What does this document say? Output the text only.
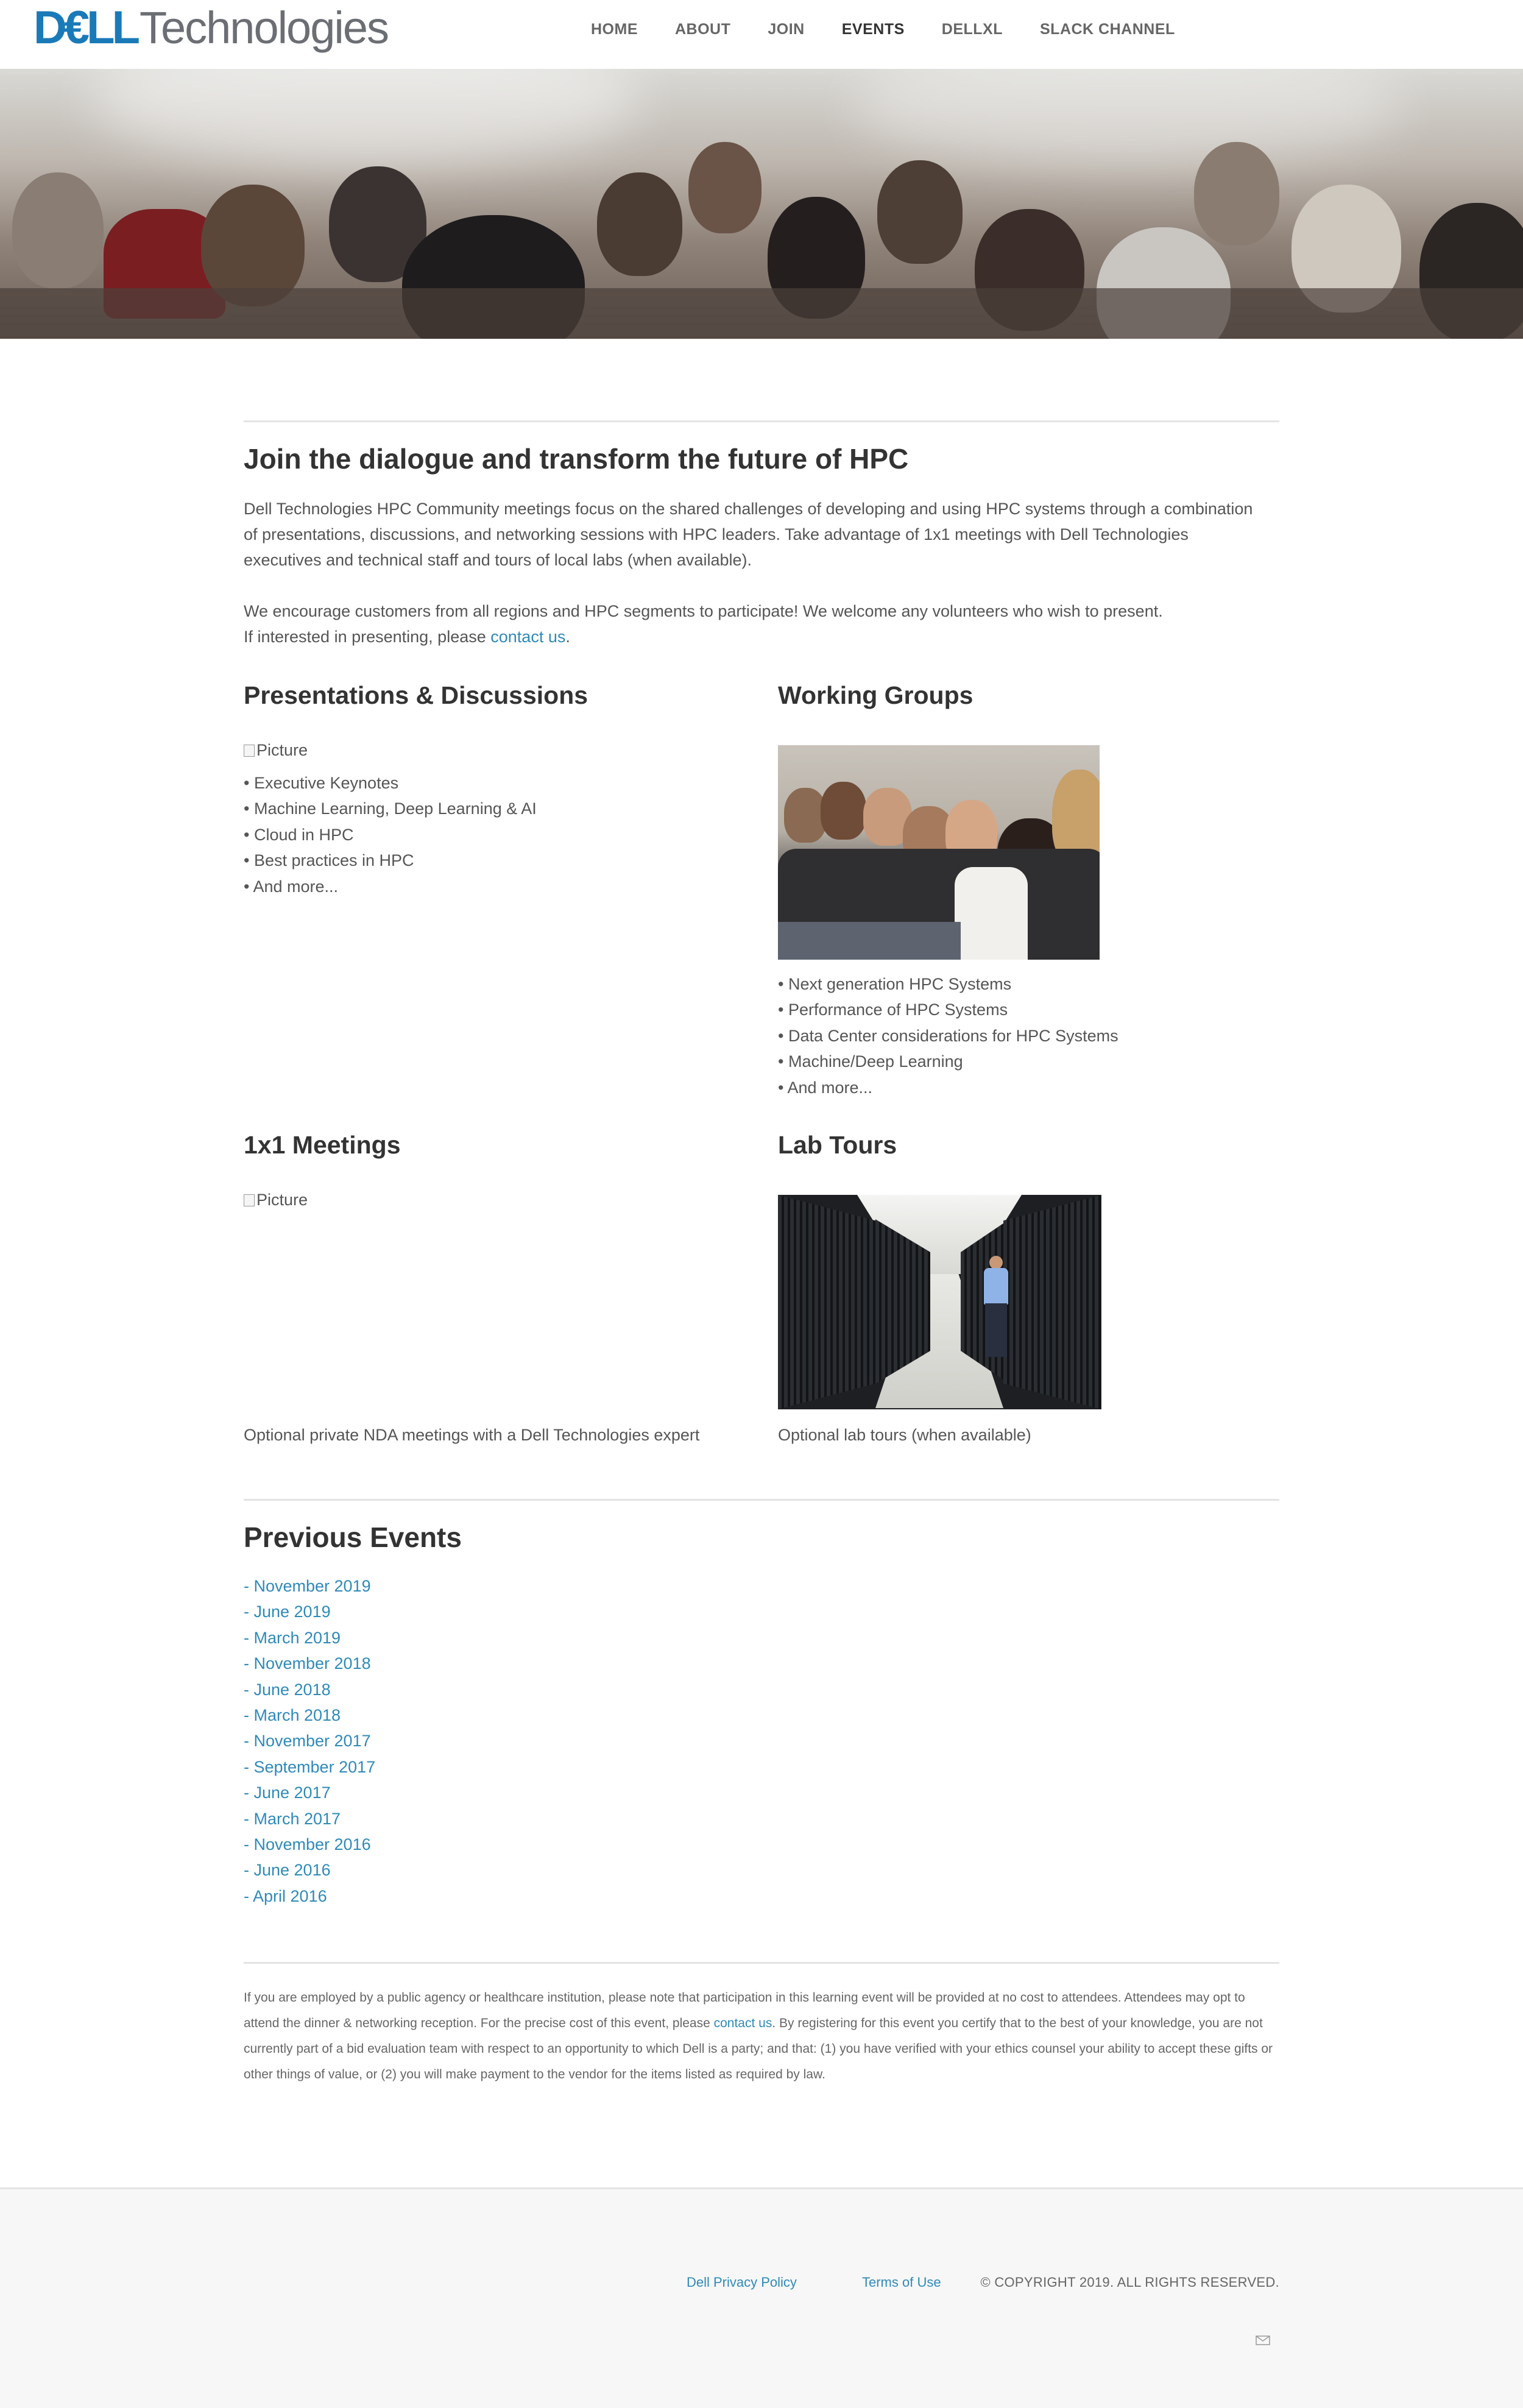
D€LL Technologies	HOME ABOUT JOIN EVENTS DELLXL SLACK CHANNEL
Join the dialogue and transform the future of HPC

Dell Technologies HPC Community meetings focus on the shared challenges of developing and using HPC systems through a combination of presentations, discussions, and networking sessions with HPC leaders. Take advantage of 1x1 meetings with Dell Technologies executives and technical staff and tours of local labs (when available).

We encourage customers from all regions and HPC segments to participate! We welcome any volunteers who wish to present.
If interested in presenting, please contact us.
Presentations & Discussions
Picture
• Executive Keynotes
• Machine Learning, Deep Learning & AI
• Cloud in HPC
• Best practices in HPC
• And more...
Working Groups
• Next generation HPC Systems
• Performance of HPC Systems
• Data Center considerations for HPC Systems
• Machine/Deep Learning
• And more...
1x1 Meetings
Picture

Optional private NDA meetings with a Dell Technologies expert

Lab Tours

Optional lab tours (when available)

Previous Events
- November 2019
- June 2019
- March 2019
- November 2018
- June 2018
- March 2018
- November 2017
- September 2017
- June 2017
- March 2017
- November 2016
- June 2016
- April 2016

If you are employed by a public agency or healthcare institution, please note that participation in this learning event will be provided at no cost to attendees. Attendees may opt to attend the dinner & networking reception. For the precise cost of this event, please contact us. By registering for this event you certify that to the best of your knowledge, you are not currently part of a bid evaluation team with respect to an opportunity to which Dell is a party; and that: (1) you have verified with your ethics counsel your ability to accept these gifts or other things of value, or (2) you will make payment to the vendor for the items listed as required by law.

Dell Privacy Policy	Terms of Use	© COPYRIGHT 2019. ALL RIGHTS RESERVED.
